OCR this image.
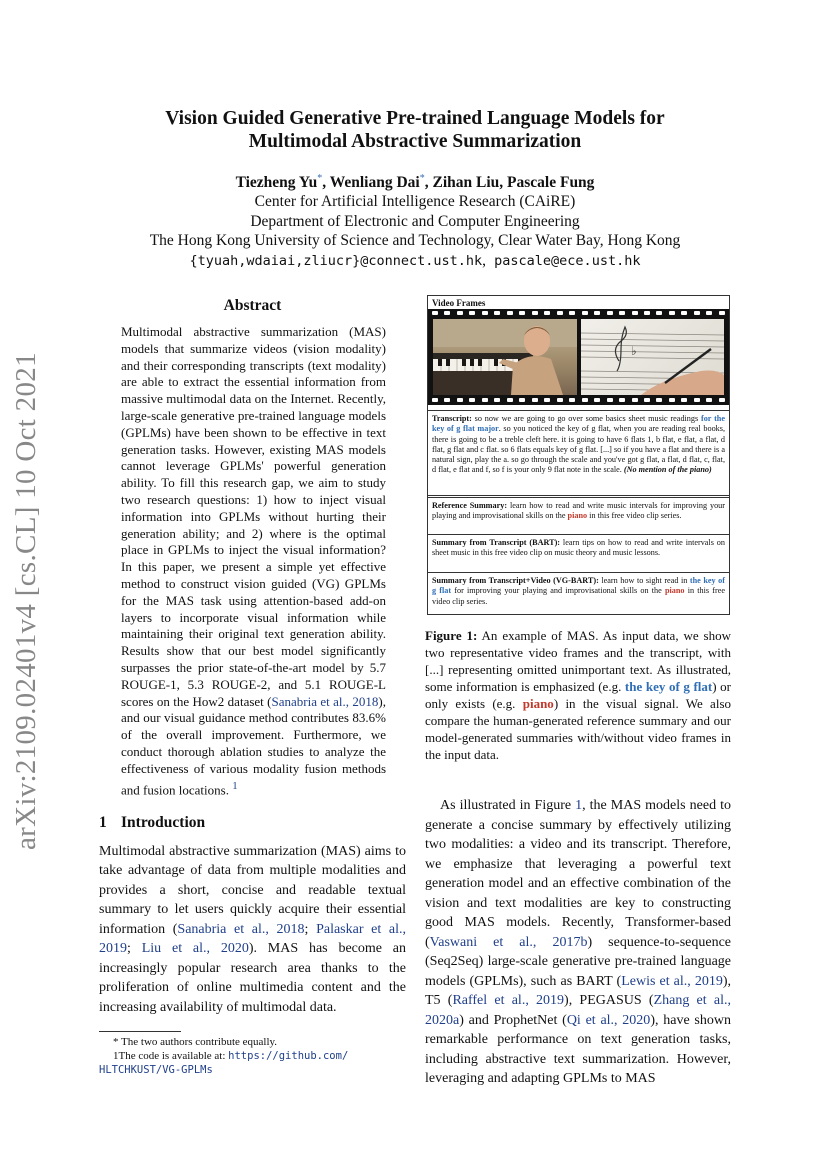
arXiv:2109.02401v4 [cs.CL] 10 Oct 2021
Vision Guided Generative Pre-trained Language Models for
Multimodal Abstractive Summarization
Tiezheng Yu*, Wenliang Dai*, Zihan Liu, Pascale Fung
Center for Artificial Intelligence Research (CAiRE)
Department of Electronic and Computer Engineering
The Hong Kong University of Science and Technology, Clear Water Bay, Hong Kong
{tyuah,wdaiai,zliucr}@connect.ust.hk, pascale@ece.ust.hk
Abstract
Multimodal abstractive summarization (MAS) models that summarize videos (vision modality) and their corresponding transcripts (text modality) are able to extract the essential information from massive multimodal data on the Internet. Recently, large-scale generative pre-trained language models (GPLMs) have been shown to be effective in text generation tasks. However, existing MAS models cannot leverage GPLMs' powerful generation ability. To fill this research gap, we aim to study two research questions: 1) how to inject visual information into GPLMs without hurting their generation ability; and 2) where is the optimal place in GPLMs to inject the visual information? In this paper, we present a simple yet effective method to construct vision guided (VG) GPLMs for the MAS task using attention-based add-on layers to incorporate visual information while maintaining their original text generation ability. Results show that our best model significantly surpasses the prior state-of-the-art model by 5.7 ROUGE-1, 5.3 ROUGE-2, and 5.1 ROUGE-L scores on the How2 dataset (Sanabria et al., 2018), and our visual guidance method contributes 83.6% of the overall improvement. Furthermore, we conduct thorough ablation studies to analyze the effectiveness of various modality fusion methods and fusion locations. $^1$
1 Introduction
Multimodal abstractive summarization (MAS) aims to take advantage of data from multiple modalities and provides a short, concise and readable textual summary to let users quickly acquire their essential information (Sanabria et al., 2018; Palaskar et al., 2019; Liu et al., 2020). MAS has become an increasingly popular research area thanks to the proliferation of online multimedia content and the increasing availability of multimodal data.
* The two authors contribute equally.
1The code is available at: https://github.com/
HLTCHKUST/VG-GPLMs
Video Frames
♭
Transcript: so now we are going to go over some basics sheet music readings for the key of g flat major. so you noticed the key of g flat, when you are reading real books, there is going to be a treble cleft here. it is going to have 6 flats 1, b flat, e flat, a flat, d flat, g flat and c flat. so 6 flats equals key of g flat. [...] so if you have a flat and there is a natural sign, play the a. so go through the scale and you've got g flat, a flat, d flat, c, flat, d flat, e flat and f, so f is your only 9 flat note in the scale. (No mention of the piano)
Reference Summary: learn how to read and write music intervals for improving your playing and improvisational skills on the piano in this free video clip series.
Summary from Transcript (BART): learn tips on how to read and write intervals on sheet music in this free video clip on music theory and music lessons.
Summary from Transcript+Video (VG-BART): learn how to sight read in the key of g flat for improving your playing and improvisational skills on the piano in this free video clip series.
Figure 1: An example of MAS. As input data, we show two representative video frames and the transcript, with [...] representing omitted unimportant text. As illustrated, some information is emphasized (e.g. the key of g flat) or only exists (e.g. piano) in the visual signal. We also compare the human-generated reference summary and our model-generated summaries with/without video frames in the input data.
As illustrated in Figure 1, the MAS models need to generate a concise summary by effectively utilizing two modalities: a video and its transcript. Therefore, we emphasize that leveraging a powerful text generation model and an effective combination of the vision and text modalities are key to constructing good MAS models. Recently, Transformer-based (Vaswani et al., 2017b) sequence-to-sequence (Seq2Seq) large-scale generative pre-trained language models (GPLMs), such as BART (Lewis et al., 2019), T5 (Raffel et al., 2019), PEGASUS (Zhang et al., 2020a) and ProphetNet (Qi et al., 2020), have shown remarkable performance on text generation tasks, including abstractive text summarization. However, leveraging and adapting GPLMs to MAS
